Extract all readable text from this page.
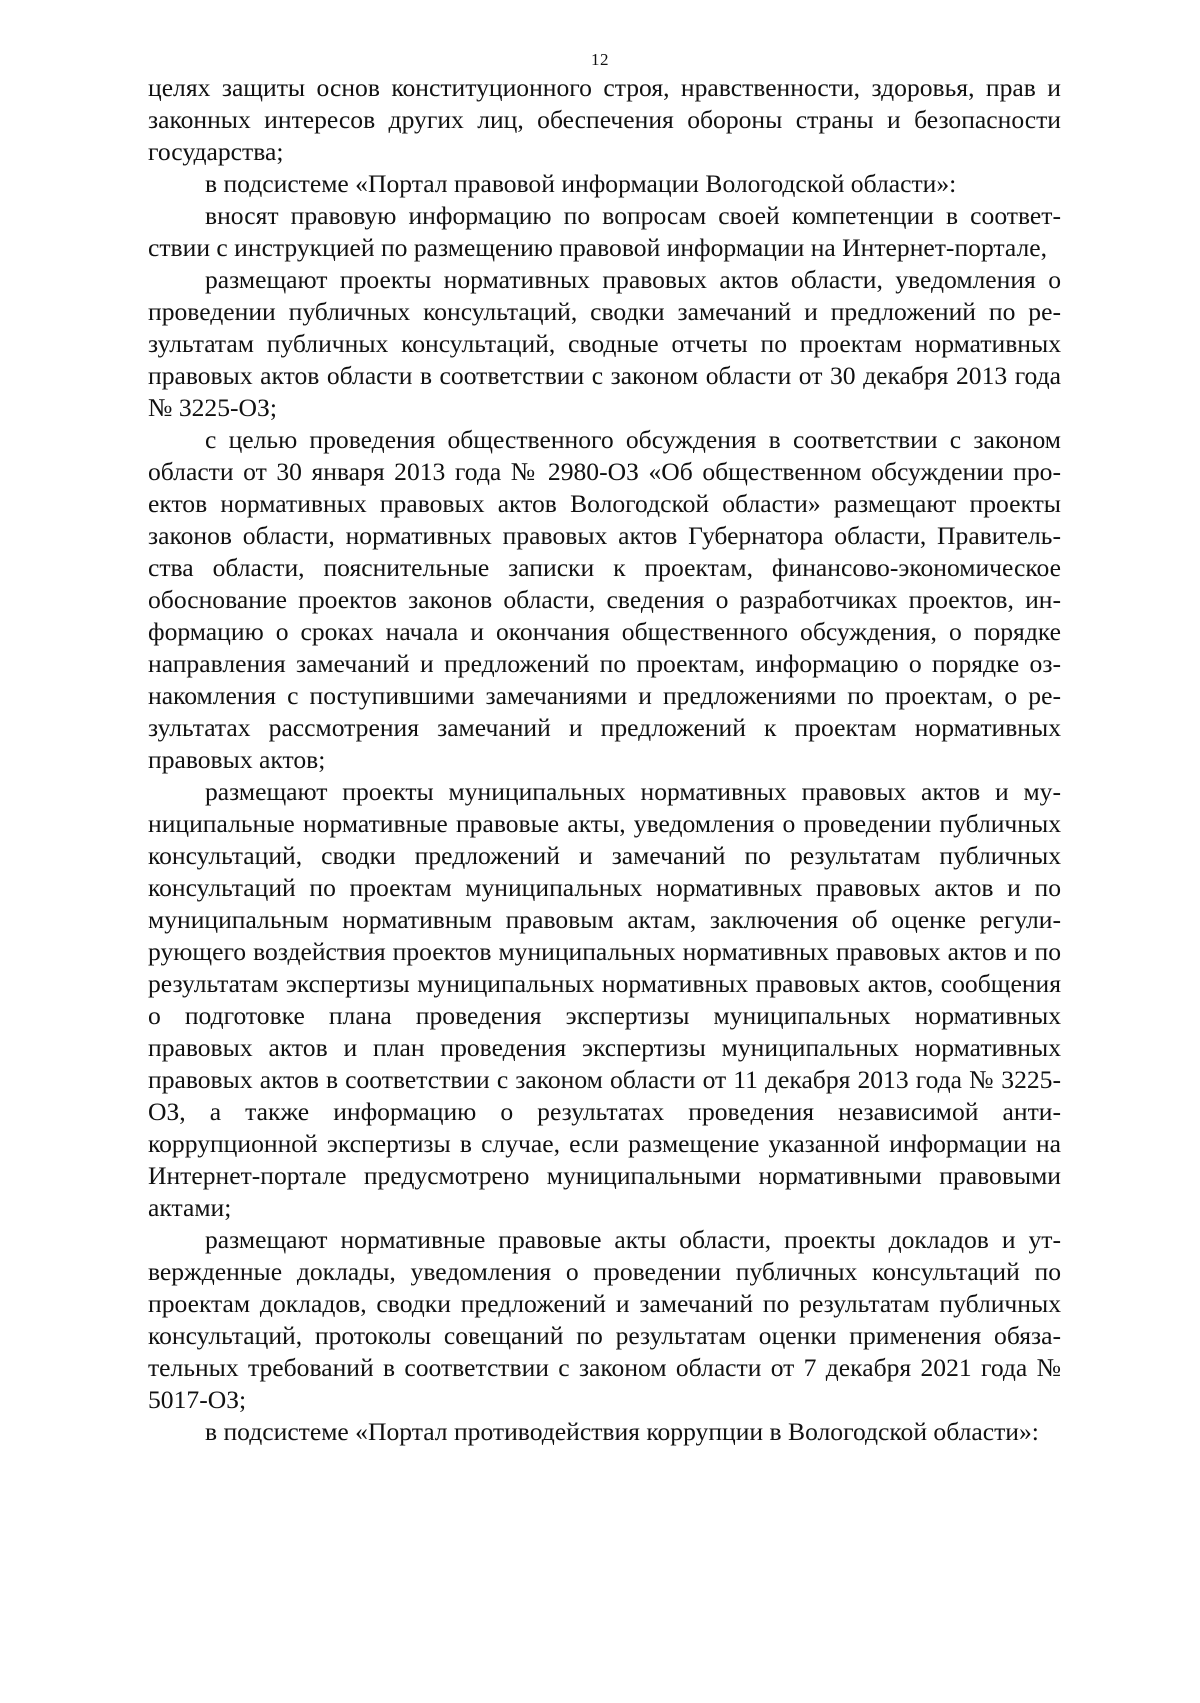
12

целях защиты основ конституционного строя, нравственности, здоровья, прав и законных интересов других лиц, обеспечения обороны страны и безопасности государства;

в подсистеме «Портал правовой информации Вологодской области»:

вносят правовую информацию по вопросам своей компетенции в соответствии с инструкцией по размещению правовой информации на Интернет-портале,

размещают проекты нормативных правовых актов области, уведомления о проведении публичных консультаций, сводки замечаний и предложений по результатам публичных консультаций, сводные отчеты по проектам нормативных правовых актов области в соответствии с законом области от 30 декабря 2013 года № 3225-ОЗ;

с целью проведения общественного обсуждения в соответствии с законом области от 30 января 2013 года № 2980-ОЗ «Об общественном обсуждении проектов нормативных правовых актов Вологодской области» размещают проекты законов области, нормативных правовых актов Губернатора области, Правительства области, пояснительные записки к проектам, финансово-экономическое обоснование проектов законов области, сведения о разработчиках проектов, информацию о сроках начала и окончания общественного обсуждения, о порядке направления замечаний и предложений по проектам, информацию о порядке ознакомления с поступившими замечаниями и предложениями по проектам, о результатах рассмотрения замечаний и предложений к проектам нормативных правовых актов;

размещают проекты муниципальных нормативных правовых актов и муниципальные нормативные правовые акты, уведомления о проведении публичных консультаций, сводки предложений и замечаний по результатам публичных консультаций по проектам муниципальных нормативных правовых актов и по муниципальным нормативным правовым актам, заключения об оценке регулирующего воздействия проектов муниципальных нормативных правовых актов и по результатам экспертизы муниципальных нормативных правовых актов, сообщения о подготовке плана проведения экспертизы муниципальных нормативных правовых актов и план проведения экспертизы муниципальных нормативных правовых актов в соответствии с законом области от 11 декабря 2013 года № 3225-ОЗ, а также информацию о результатах проведения независимой антикоррупционной экспертизы в случае, если размещение указанной информации на Интернет-портале предусмотрено муниципальными нормативными правовыми актами;

размещают нормативные правовые акты области, проекты докладов и утвержденные доклады, уведомления о проведении публичных консультаций по проектам докладов, сводки предложений и замечаний по результатам публичных консультаций, протоколы совещаний по результатам оценки применения обязательных требований в соответствии с законом области от 7 декабря 2021 года № 5017-ОЗ;

в подсистеме «Портал противодействия коррупции в Вологодской области»:
